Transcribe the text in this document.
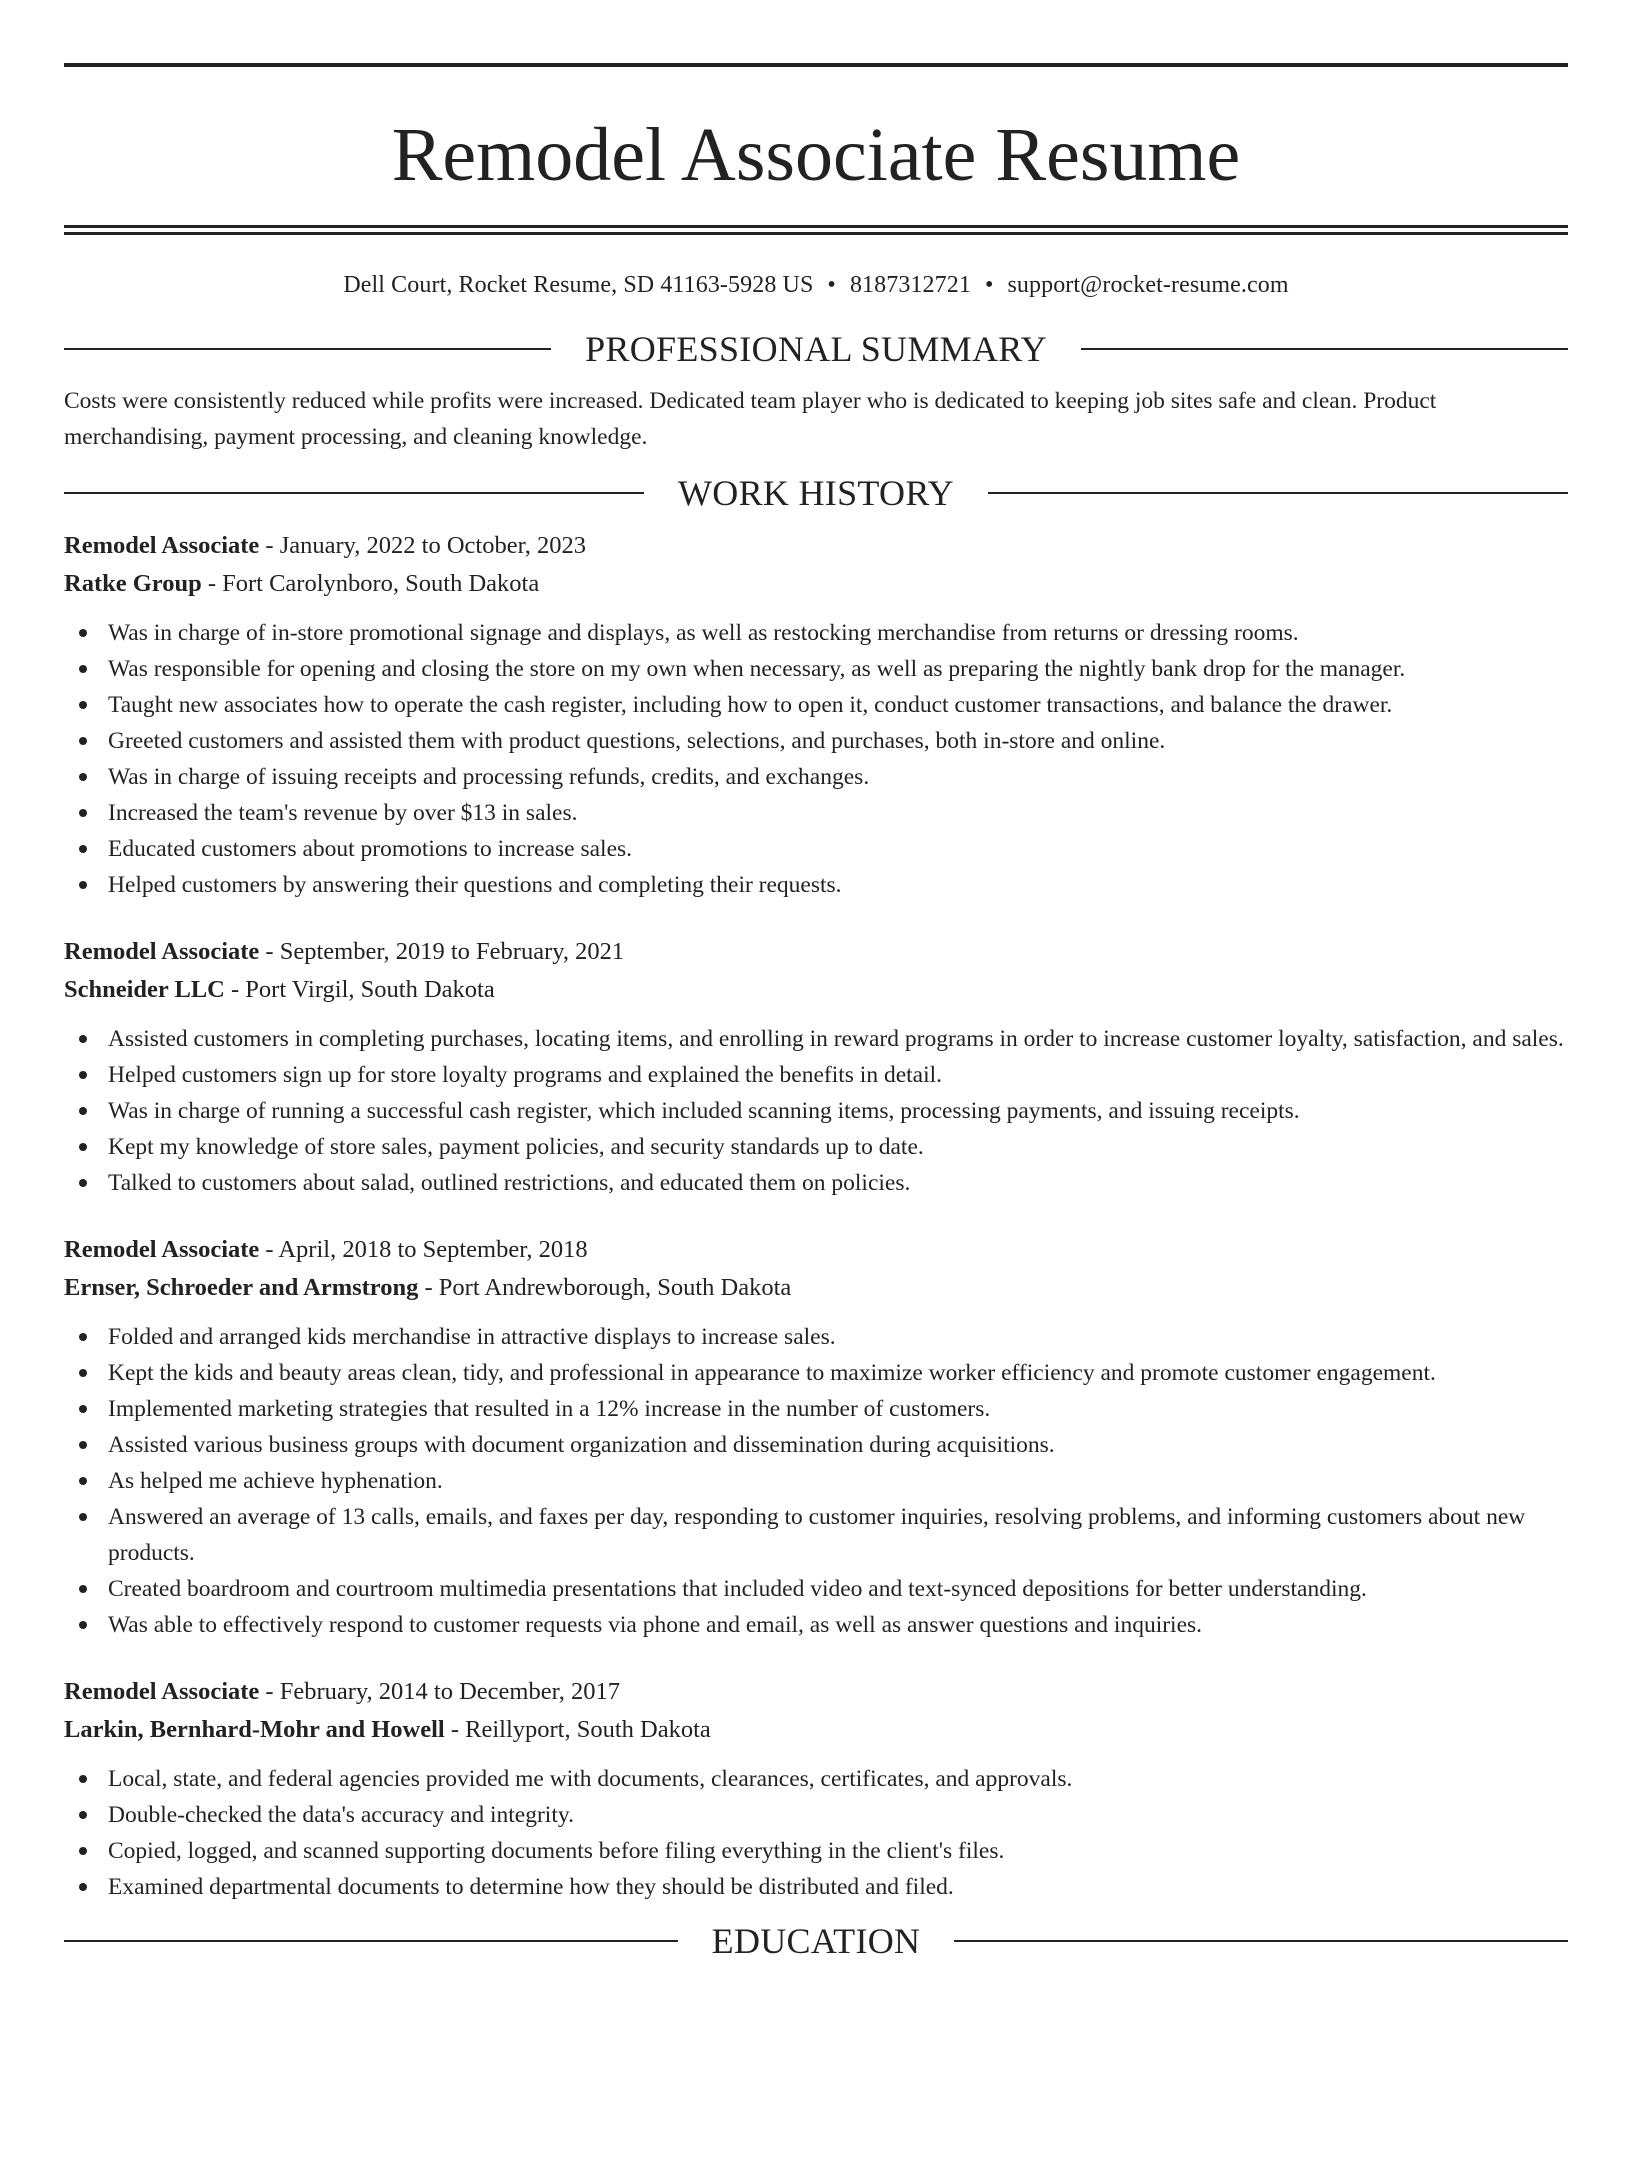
Remodel Associate Resume
Dell Court, Rocket Resume, SD 41163-5928 US • 8187312721 • support@rocket-resume.com
PROFESSIONAL SUMMARY

Costs were consistently reduced while profits were increased. Dedicated team player who is dedicated to keeping job sites safe and clean. Product merchandising, payment processing, and cleaning knowledge.

WORK HISTORY
Remodel Associate - January, 2022 to October, 2023
Ratke Group - Fort Carolynboro, South Dakota
Was in charge of in-store promotional signage and displays, as well as restocking merchandise from returns or dressing rooms.
Was responsible for opening and closing the store on my own when necessary, as well as preparing the nightly bank drop for the manager.
Taught new associates how to operate the cash register, including how to open it, conduct customer transactions, and balance the drawer.
Greeted customers and assisted them with product questions, selections, and purchases, both in-store and online.
Was in charge of issuing receipts and processing refunds, credits, and exchanges.
Increased the team's revenue by over $13 in sales.
Educated customers about promotions to increase sales.
Helped customers by answering their questions and completing their requests.
Remodel Associate - September, 2019 to February, 2021
Schneider LLC - Port Virgil, South Dakota
Assisted customers in completing purchases, locating items, and enrolling in reward programs in order to increase customer loyalty, satisfaction, and sales.
Helped customers sign up for store loyalty programs and explained the benefits in detail.
Was in charge of running a successful cash register, which included scanning items, processing payments, and issuing receipts.
Kept my knowledge of store sales, payment policies, and security standards up to date.
Talked to customers about salad, outlined restrictions, and educated them on policies.
Remodel Associate - April, 2018 to September, 2018
Ernser, Schroeder and Armstrong - Port Andrewborough, South Dakota
Folded and arranged kids merchandise in attractive displays to increase sales.
Kept the kids and beauty areas clean, tidy, and professional in appearance to maximize worker efficiency and promote customer engagement.
Implemented marketing strategies that resulted in a 12% increase in the number of customers.
Assisted various business groups with document organization and dissemination during acquisitions.
As helped me achieve hyphenation.
Answered an average of 13 calls, emails, and faxes per day, responding to customer inquiries, resolving problems, and informing customers about new products.
Created boardroom and courtroom multimedia presentations that included video and text-synced depositions for better understanding.
Was able to effectively respond to customer requests via phone and email, as well as answer questions and inquiries.
Remodel Associate - February, 2014 to December, 2017
Larkin, Bernhard-Mohr and Howell - Reillyport, South Dakota
Local, state, and federal agencies provided me with documents, clearances, certificates, and approvals.
Double-checked the data's accuracy and integrity.
Copied, logged, and scanned supporting documents before filing everything in the client's files.
Examined departmental documents to determine how they should be distributed and filed.
EDUCATION
